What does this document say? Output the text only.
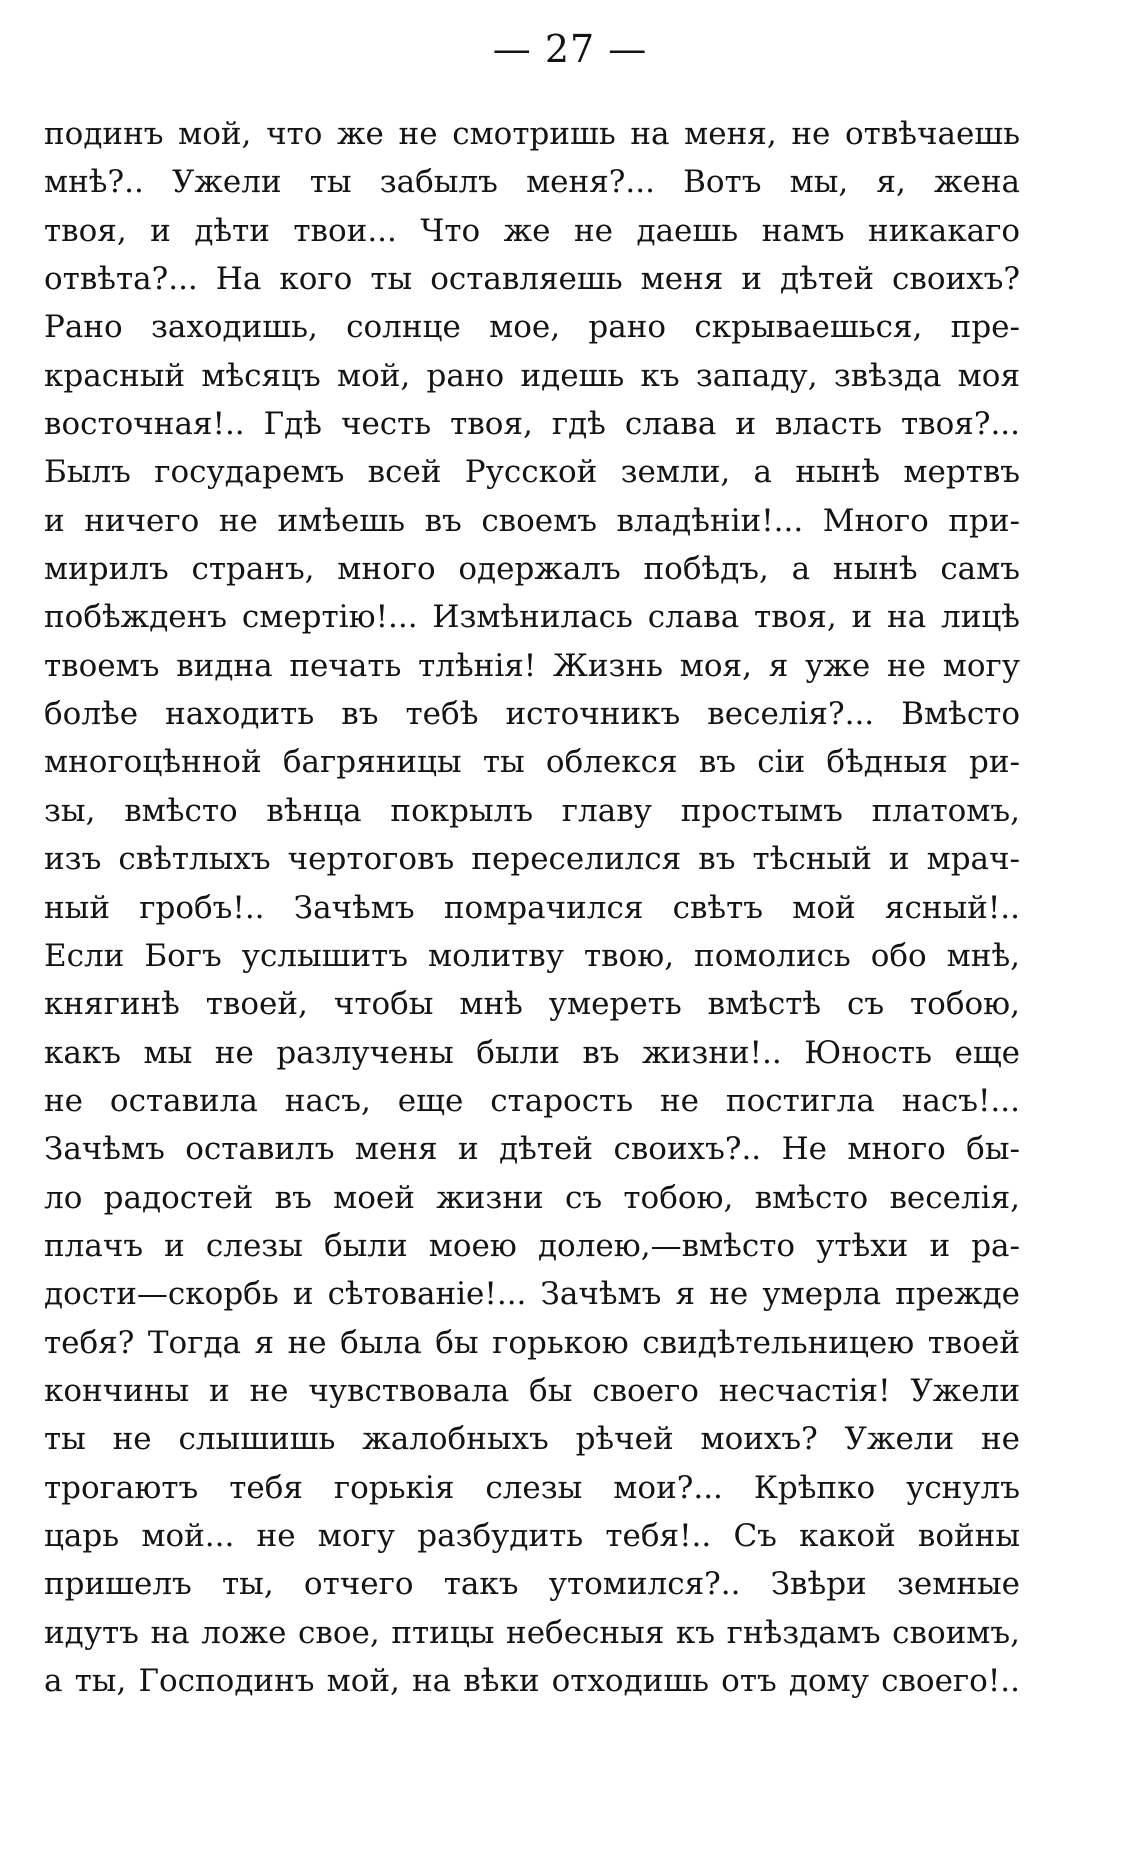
— 27 —
подинъ мой, что же не смотришь на меня, не отвѣчаешь
мнѣ?.. Ужели ты забылъ меня?... Вотъ мы, я, жена
твоя, и дѣти твои... Что же не даешь намъ никакаго
отвѣта?... На кого ты оставляешь меня и дѣтей своихъ?
Рано заходишь, солнце мое, рано скрываешься, пре-
красный мѣсяцъ мой, рано идешь къ западу, звѣзда моя
восточная!.. Гдѣ честь твоя, гдѣ слава и власть твоя?...
Былъ государемъ всей Русской земли, а нынѣ мертвъ
и ничего не имѣешь въ своемъ владѣніи!... Много при-
мирилъ странъ, много одержалъ побѣдъ, а нынѣ самъ
побѣжденъ смертію!... Измѣнилась слава твоя, и на лицѣ
твоемъ видна печать тлѣнія! Жизнь моя, я уже не могу
болѣе находить въ тебѣ источникъ веселія?... Вмѣсто
многоцѣнной багряницы ты облекся въ сіи бѣдныя ри-
зы, вмѣсто вѣнца покрылъ главу простымъ платомъ,
изъ свѣтлыхъ чертоговъ переселился въ тѣсный и мрач-
ный гробъ!.. Зачѣмъ помрачился свѣтъ мой ясный!..
Если Богъ услышитъ молитву твою, помолись обо мнѣ,
княгинѣ твоей, чтобы мнѣ умереть вмѣстѣ съ тобою,
какъ мы не разлучены были въ жизни!.. Юность еще
не оставила насъ, еще старость не постигла насъ!...
Зачѣмъ оставилъ меня и дѣтей своихъ?.. Не много бы-
ло радостей въ моей жизни съ тобою, вмѣсто веселія,
плачъ и слезы были моею долею,—вмѣсто утѣхи и ра-
дости—скорбь и сѣтованіе!... Зачѣмъ я не умерла прежде
тебя? Тогда я не была бы горькою свидѣтельницею твоей
кончины и не чувствовала бы своего несчастія! Ужели
ты не слышишь жалобныхъ рѣчей моихъ? Ужели не
трогаютъ тебя горькія слезы мои?... Крѣпко уснулъ
царь мой... не могу разбудить тебя!.. Съ какой войны
пришелъ ты, отчего такъ утомился?.. Звѣри земные
идутъ на ложе свое, птицы небесныя къ гнѣздамъ своимъ,
а ты, Господинъ мой, на вѣки отходишь отъ дому своего!..
